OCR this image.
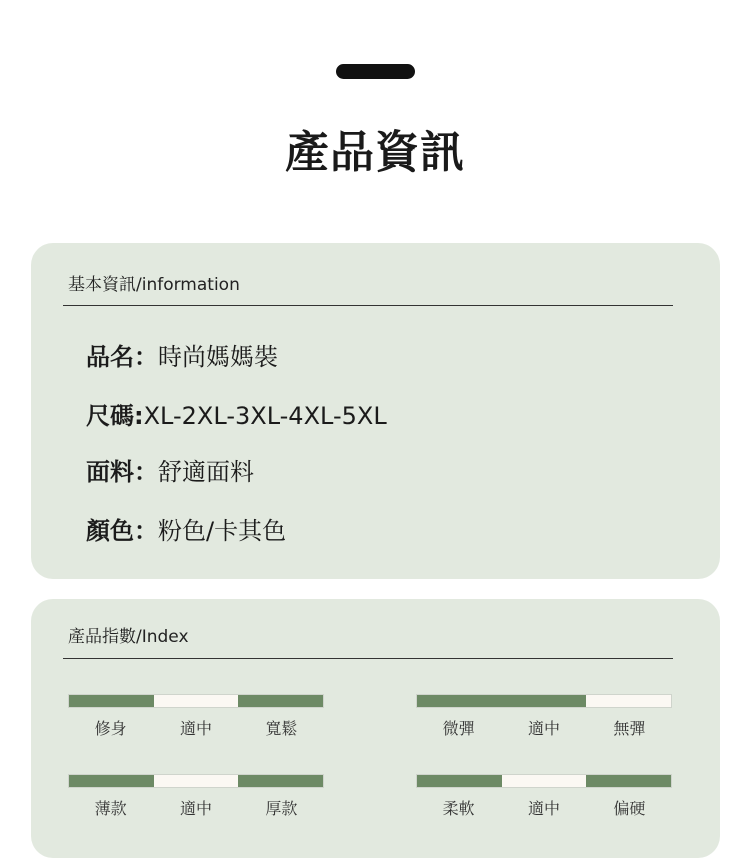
產品資訊
基本資訊/information
品名：時尚媽媽裝
尺碼:XL-2XL-3XL-4XL-5XL
面料：舒適面料
顏色：粉色/卡其色
產品指數/Index
修身	適中	寬鬆	微彈	適中	無彈
薄款	適中	厚款	柔軟	適中	偏硬
